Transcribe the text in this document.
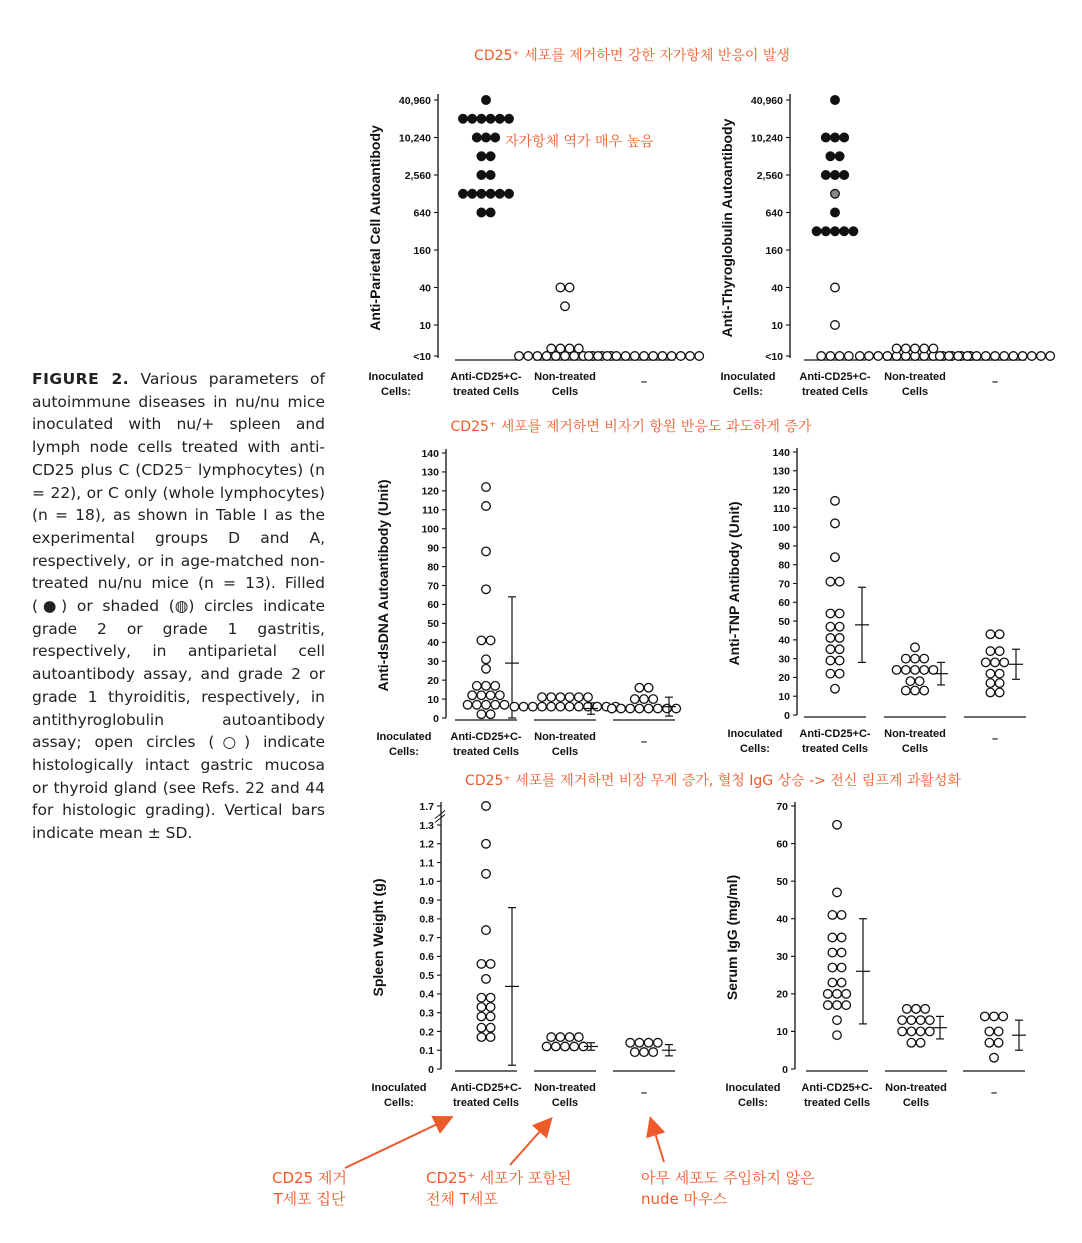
CD25⁺ 세포를 제거하면 강한 자가항체 반응이 발생
자가항체 역가 매우 높음
CD25⁺ 세포를 제거하면 비자기 항원 반응도 과도하게 증가
CD25⁺ 세포를 제거하면 비장 무게 증가, 혈청 IgG 상승 -> 전신 림프계 과활성화
40,960
10,240
2,560
640
160
40
10
<10
Anti-Parietal Cell Autoantibody
Inoculated
Cells:
Anti-CD25+C-
treated Cells
Non-treated
Cells
–
40,960
10,240
2,560
640
160
40
10
<10
Anti-Thyroglobulin Autoantibody
Inoculated
Cells:
Anti-CD25+C-
treated Cells
Non-treated
Cells
–
0
10
20
30
40
50
60
70
80
90
100
110
120
130
140
Anti-dsDNA Autoantibody (Unit)
Inoculated
Cells:
Anti-CD25+C-
treated Cells
Non-treated
Cells
–
0
10
20
30
40
50
60
70
80
90
100
110
120
130
140
Anti-TNP Antibody (Unit)
Inoculated
Cells:
Anti-CD25+C-
treated Cells
Non-treated
Cells
–
0
0.1
0.2
0.3
0.4
0.5
0.6
0.7
0.8
0.9
1.0
1.1
1.2
1.3
1.7
Spleen Weight (g)
Inoculated
Cells:
Anti-CD25+C-
treated Cells
Non-treated
Cells
–
0
10
20
30
40
50
60
70
Serum IgG (mg/ml)
Inoculated
Cells:
Anti-CD25+C-
treated Cells
Non-treated
Cells
–
FIGURE 2. Various parameters of autoimmune diseases in nu/nu mice inoculated with nu/+ spleen and lymph node cells treated with anti-CD25 plus C (CD25⁻ lymphocytes) (n = 22), or C only (whole lymphocytes) (n = 18), as shown in Table I as the experimental groups D and A, respectively, or in age-matched non-treated nu/nu mice (n = 13). Filled (●) or shaded (◍) circles indicate grade 2 or grade 1 gastritis, respectively, in antiparietal cell autoantibody assay, and grade 2 or grade 1 thyroiditis, respectively, in antithyroglobulin autoantibody assay; open circles (○) indicate histologically intact gastric mucosa or thyroid gland (see Refs. 22 and 44 for histologic grading). Vertical bars indicate mean ± SD.
CD25 제거
T세포 집단
CD25⁺ 세포가 포함된
전체 T세포
아무 세포도 주입하지 않은
nude 마우스
